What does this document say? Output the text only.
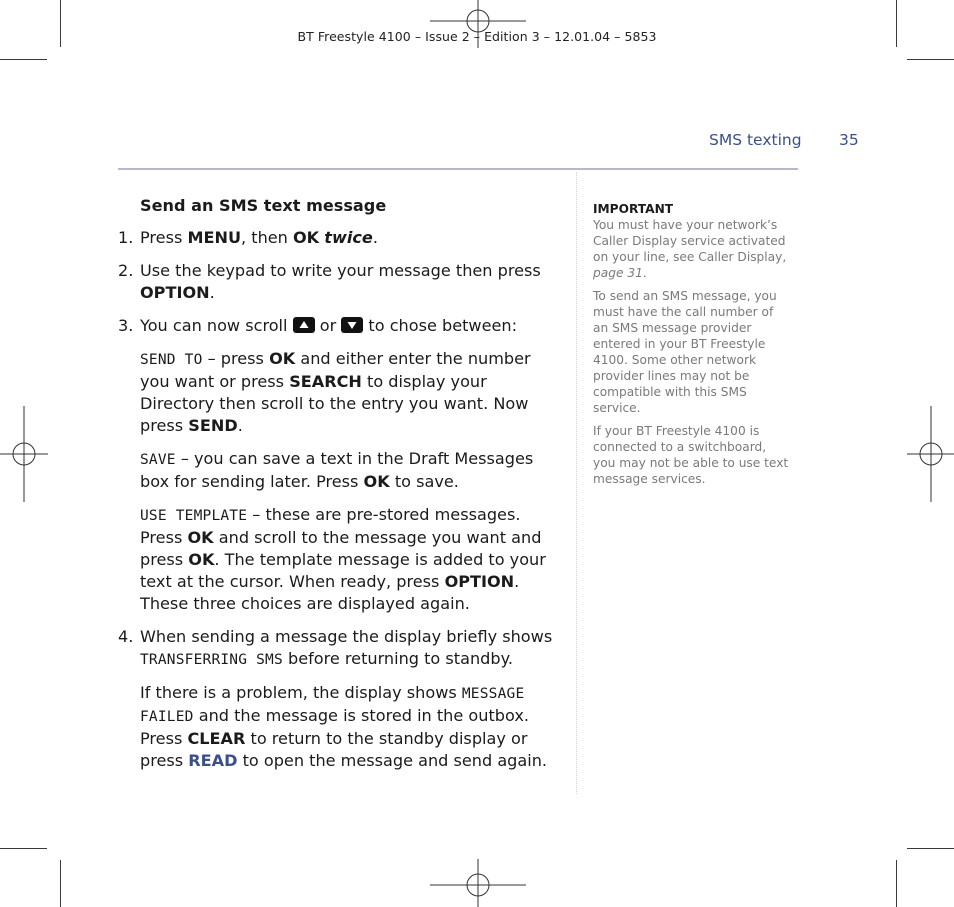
BT Freestyle 4100 – Issue 2 – Edition 3 – 12.01.04 – 5853
SMS texting 35
Send an SMS text message
1. Press MENU, then OK twice.
2. Use the keypad to write your message then press OPTION.
3. You can now scroll
or
to chose between:
SEND TO – press OK and either enter the number you want or press SEARCH to display your Directory then scroll to the entry you want. Now press SEND.
SAVE – you can save a text in the Draft Messages box for sending later. Press OK to save.
USE TEMPLATE – these are pre-stored messages.
Press OK and scroll to the message you want and press OK. The template message is added to your text at the cursor. When ready, press OPTION. These three choices are displayed again.
4. When sending a message the display briefly shows TRANSFERRING SMS before returning to standby.
If there is a problem, the display shows MESSAGE FAILED and the message is stored in the outbox. Press CLEAR to return to the standby display or press READ to open the message and send again.
IMPORTANT

You must have your network’s Caller Display service activated on your line, see Caller Display, page 31.

To send an SMS message, you must have the call number of an SMS message provider entered in your BT Freestyle 4100. Some other network provider lines may not be compatible with this SMS service.

If your BT Freestyle 4100 is connected to a switchboard, you may not be able to use text message services.
